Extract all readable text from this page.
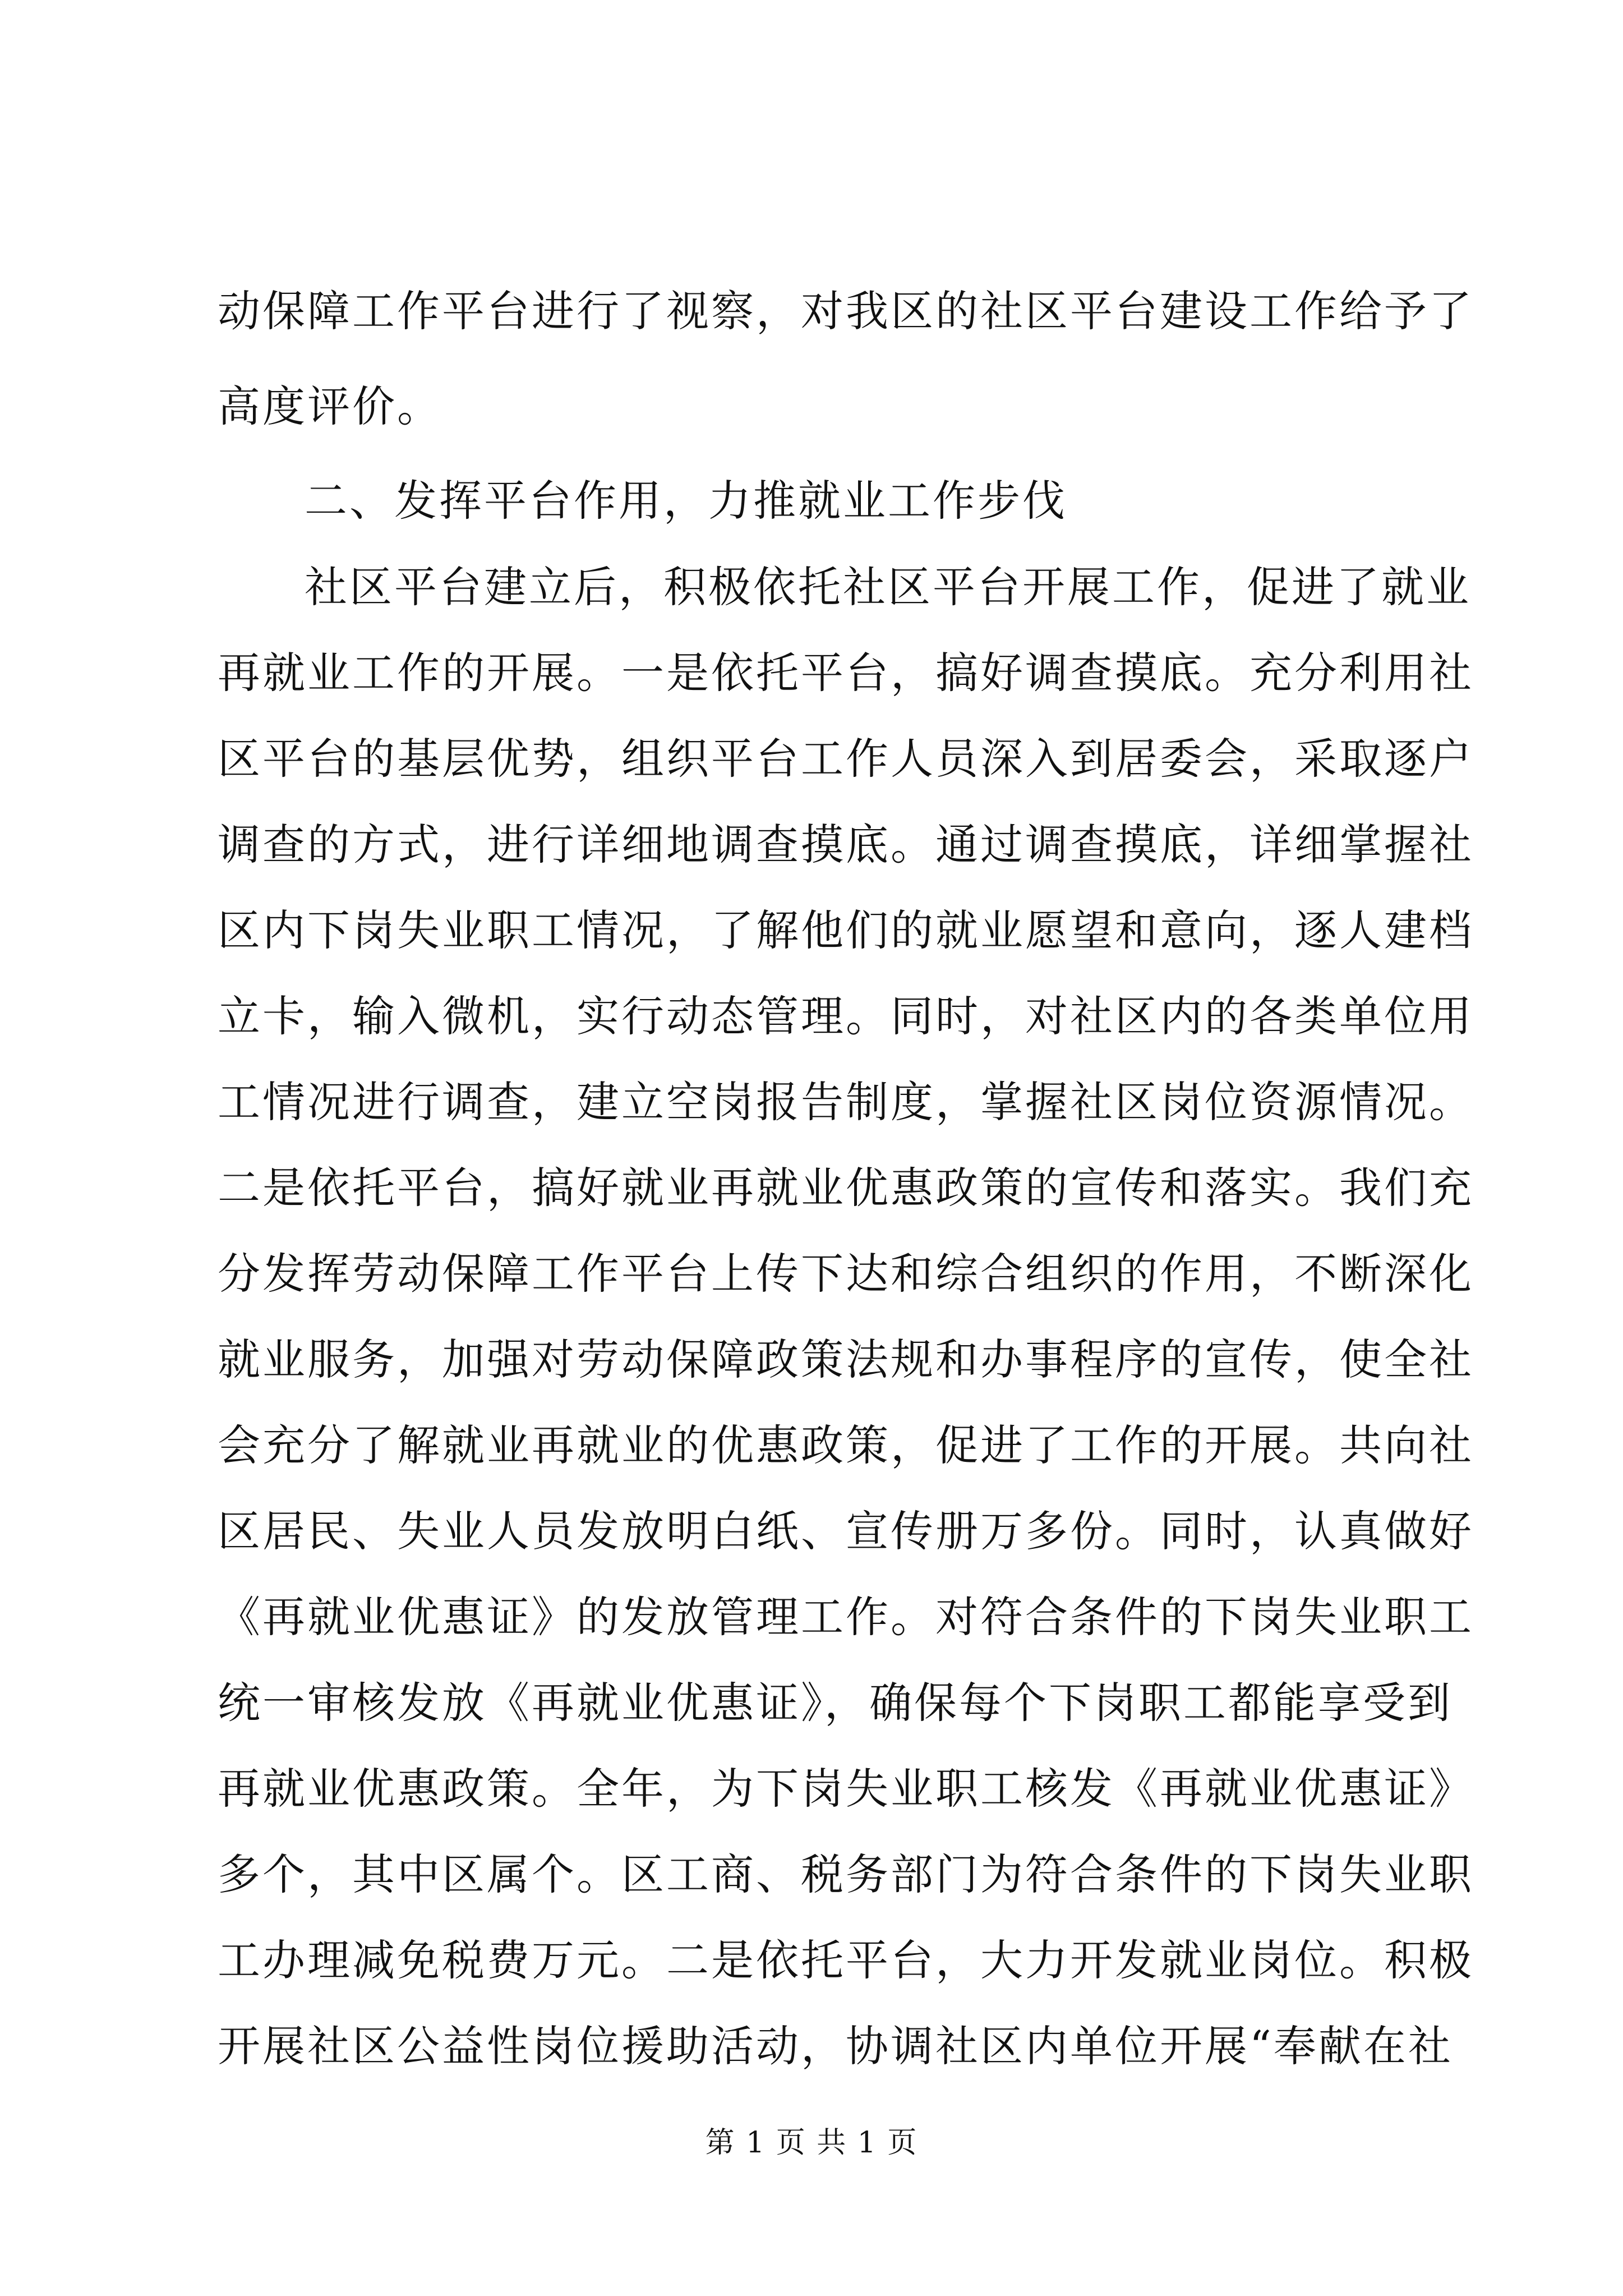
动保障工作平台进行了视察，对我区的社区平台建设工作给予了
高度评价。
二、发挥平台作用，力推就业工作步伐
社区平台建立后，积极依托社区平台开展工作，促进了就业
再就业工作的开展。一是依托平台，搞好调查摸底。充分利用社
区平台的基层优势，组织平台工作人员深入到居委会，采取逐户
调查的方式，进行详细地调查摸底。通过调查摸底，详细掌握社
区内下岗失业职工情况，了解他们的就业愿望和意向，逐人建档
立卡，输入微机，实行动态管理。同时，对社区内的各类单位用
工情况进行调查，建立空岗报告制度，掌握社区岗位资源情况。
二是依托平台，搞好就业再就业优惠政策的宣传和落实。我们充
分发挥劳动保障工作平台上传下达和综合组织的作用，不断深化
就业服务，加强对劳动保障政策法规和办事程序的宣传，使全社
会充分了解就业再就业的优惠政策，促进了工作的开展。共向社
区居民、失业人员发放明白纸、宣传册万多份。同时，认真做好
《再就业优惠证》的发放管理工作。对符合条件的下岗失业职工
统一审核发放《再就业优惠证》，确保每个下岗职工都能享受到
再就业优惠政策。全年，为下岗失业职工核发《再就业优惠证》
多个，其中区属个。区工商、税务部门为符合条件的下岗失业职
工办理减免税费万元。二是依托平台，大力开发就业岗位。积极
开展社区公益性岗位援助活动，协调社区内单位开展“奉献在社
第 1 页 共 1 页
